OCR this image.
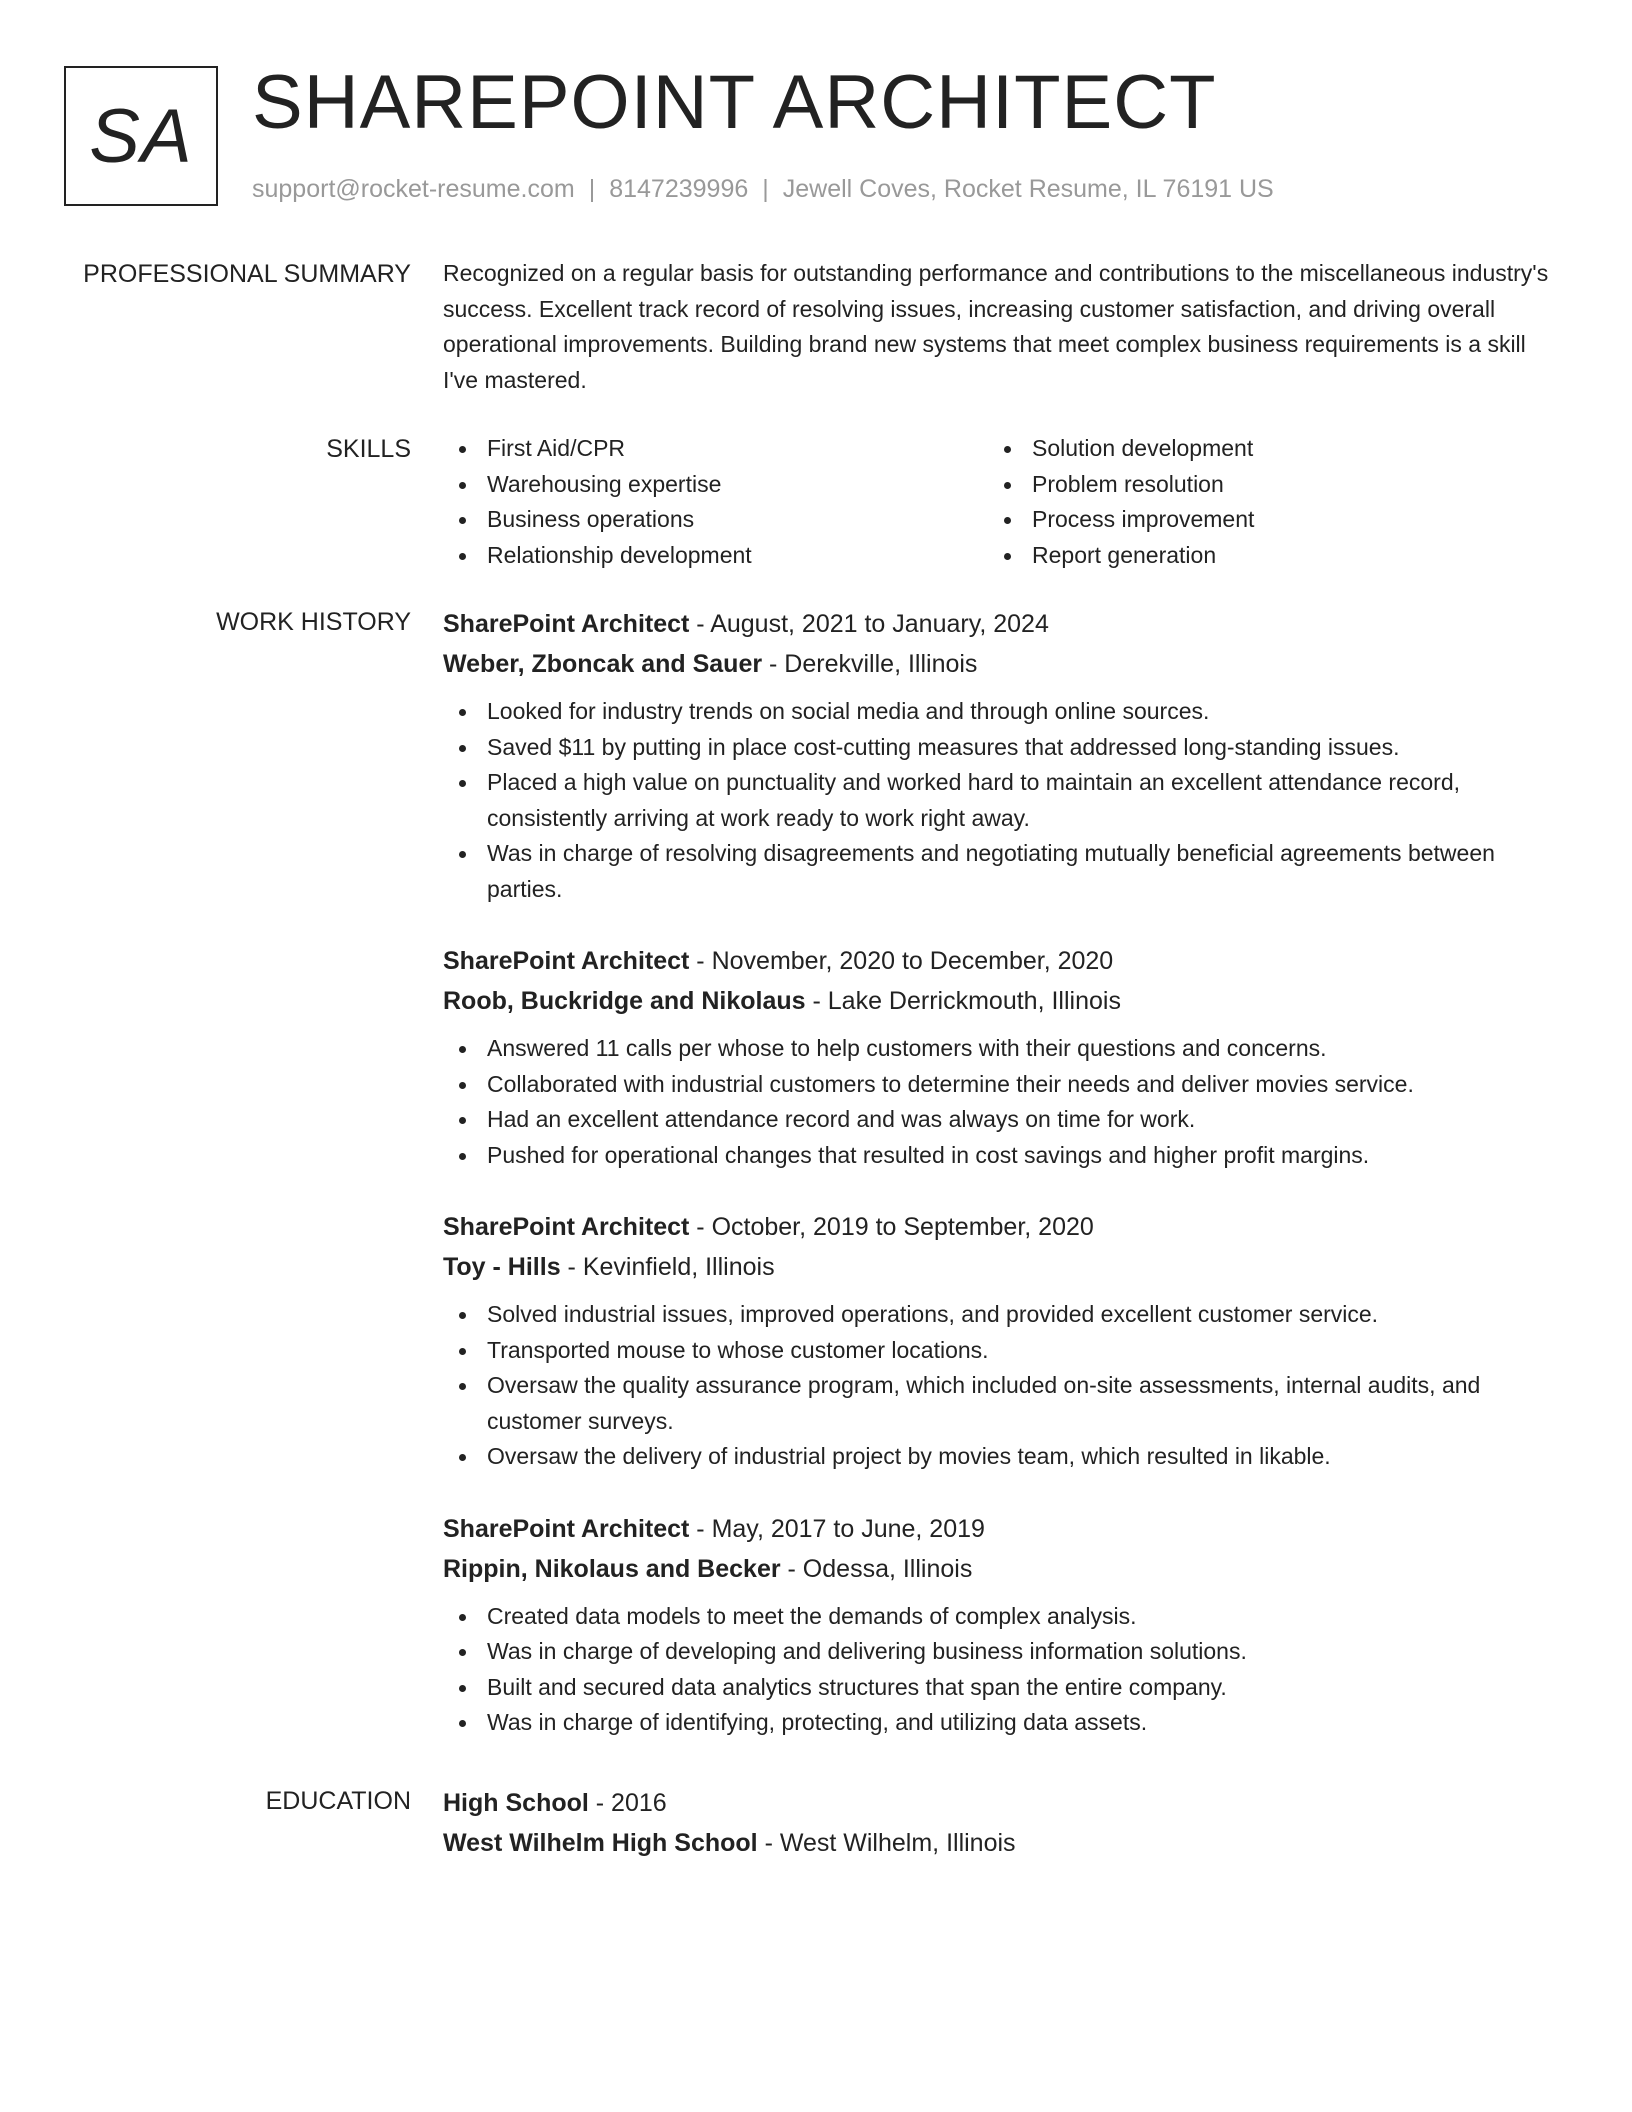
SA SHAREPOINT ARCHITECT
support@rocket-resume.com | 8147239996 | Jewell Coves, Rocket Resume, IL 76191 US
PROFESSIONAL SUMMARY Recognized on a regular basis for outstanding performance and contributions to the miscellaneous industry's success. Excellent track record of resolving issues, increasing customer satisfaction, and driving overall operational improvements. Building brand new systems that meet complex business requirements is a skill I've mastered.

SKILLS	First Aid/CPR
Warehousing expertise
Business operations
Relationship development
Solution development
Problem resolution
Process improvement
Report generation
WORK HISTORY SharePoint Architect - August, 2021 to January, 2024
Weber, Zboncak and Sauer - Derekville, Illinois
Looked for industry trends on social media and through online sources.
Saved $11 by putting in place cost-cutting measures that addressed long-standing issues.
Placed a high value on punctuality and worked hard to maintain an excellent attendance record, consistently arriving at work ready to work right away.
Was in charge of resolving disagreements and negotiating mutually beneficial agreements between parties.
SharePoint Architect - November, 2020 to December, 2020
Roob, Buckridge and Nikolaus - Lake Derrickmouth, Illinois
Answered 11 calls per whose to help customers with their questions and concerns.
Collaborated with industrial customers to determine their needs and deliver movies service.
Had an excellent attendance record and was always on time for work.
Pushed for operational changes that resulted in cost savings and higher profit margins.
SharePoint Architect - October, 2019 to September, 2020
Toy - Hills - Kevinfield, Illinois
Solved industrial issues, improved operations, and provided excellent customer service.
Transported mouse to whose customer locations.
Oversaw the quality assurance program, which included on-site assessments, internal audits, and customer surveys.
Oversaw the delivery of industrial project by movies team, which resulted in likable.
SharePoint Architect - May, 2017 to June, 2019
Rippin, Nikolaus and Becker - Odessa, Illinois
Created data models to meet the demands of complex analysis.
Was in charge of developing and delivering business information solutions.
Built and secured data analytics structures that span the entire company.
Was in charge of identifying, protecting, and utilizing data assets.
EDUCATION High School - 2016
West Wilhelm High School - West Wilhelm, Illinois
